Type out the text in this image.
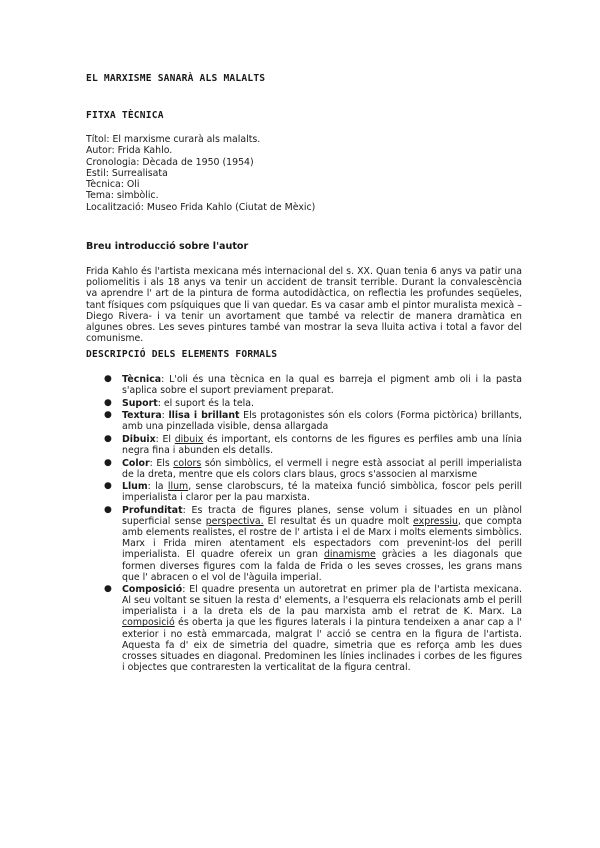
EL MARXISME SANARÀ ALS MALALTS
FITXA TÈCNICA
Títol: El marxisme curarà als malalts.
Autor: Frida Kahlo.
Cronologia: Dècada de 1950 (1954)
Estil: Surrealisata
Tècnica: Oli
Tema: simbòlic.
Localització: Museo Frida Kahlo (Ciutat de Mèxic)
Breu introducció sobre l'autor

Frida Kahlo és l'artista mexicana més internacional del s. XX. Quan tenia 6 anys va patir una poliomelitis i als 18 anys va tenir un accident de transit terrible. Durant la convalescència va aprendre l' art de la pintura de forma autodidàctica, on reflectia les profundes seqüeles, tant físiques com psíquiques que li van quedar. Es va casar amb el pintor muralista mexicà –Diego Rivera- i va tenir un avortament que també va relectir de manera dramàtica en algunes obres. Les seves pintures també van mostrar la seva lluita activa i total a favor del comunisme.

DESCRIPCIÓ DELS ELEMENTS FORMALS
● Tècnica: L'oli és una tècnica en la qual es barreja el pigment amb oli i la pasta s'aplica sobre el suport previament preparat.
● Suport: el suport és la tela.
● Textura: llisa i brillant Els protagonistes són els colors (Forma pictòrica) brillants, amb una pinzellada visible, densa allargada
● Dibuix: El dibuix és important, els contorns de les figures es perfiles amb una línia negra fina i abunden els detalls.
● Color: Els colors són simbòlics, el vermell i negre està associat al perill imperialista de la dreta, mentre que els colors clars blaus, grocs s'associen al marxisme
● Llum: la llum, sense clarobscurs, té la mateixa funció simbòlica, foscor pels perill imperialista i claror per la pau marxista.
● Profunditat: Es tracta de figures planes, sense volum i situades en un plànol superficial sense perspectiva. El resultat és un quadre molt expressiu, que compta amb elements realistes, el rostre de l' artista i el de Marx i molts elements simbòlics. Marx i Frida miren atentament els espectadors com prevenint-los del perill imperialista. El quadre ofereix un gran dinamisme gràcies a les diagonals que formen diverses figures com la falda de Frida o les seves crosses, les grans mans que l' abracen o el vol de l'àguila imperial.
● Composició: El quadre presenta un autoretrat en primer pla de l'artista mexicana. Al seu voltant se situen la resta d' elements, a l'esquerra els relacionats amb el perill imperialista i a la dreta els de la pau marxista amb el retrat de K. Marx. La composició és oberta ja que les figures laterals i la pintura tendeixen a anar cap a l' exterior i no està emmarcada, malgrat l' acció se centra en la figura de l'artista. Aquesta fa d' eix de simetria del quadre, simetria que es reforça amb les dues crosses situades en diagonal. Predominen les línies inclinades i corbes de les figures i objectes que contraresten la verticalitat de la figura central.
